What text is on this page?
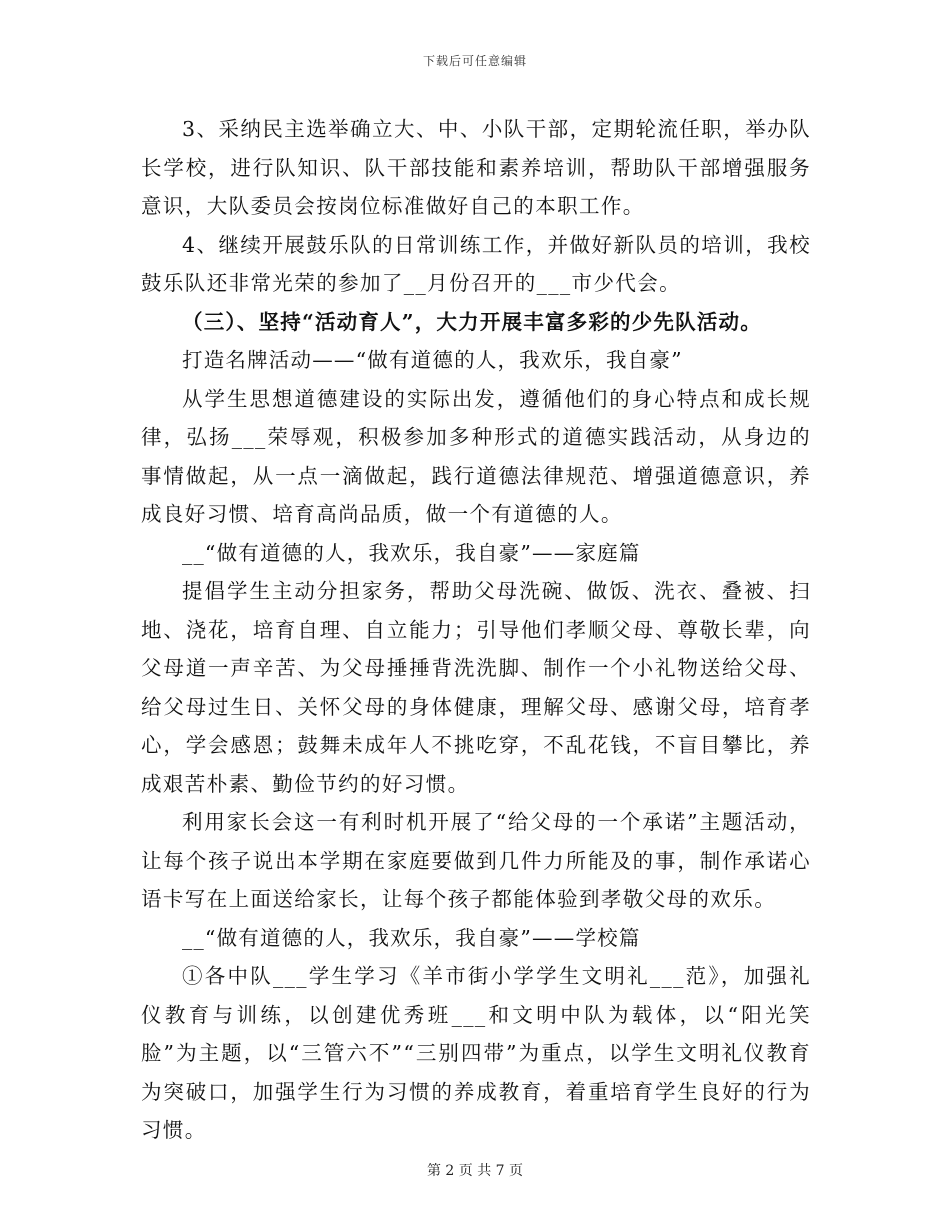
下载后可任意编辑

3、采纳民主选举确立大、中、小队干部，定期轮流任职，举办队长学校，进行队知识、队干部技能和素养培训，帮助队干部增强服务意识，大队委员会按岗位标准做好自己的本职工作。

4、继续开展鼓乐队的日常训练工作，并做好新队员的培训，我校鼓乐队还非常光荣的参加了__月份召开的___市少代会。

（三）、坚持“活动育人”，大力开展丰富多彩的少先队活动。

打造名牌活动——“做有道德的人，我欢乐，我自豪”

从学生思想道德建设的实际出发，遵循他们的身心特点和成长规律，弘扬___荣辱观，积极参加多种形式的道德实践活动，从身边的事情做起，从一点一滴做起，践行道德法律规范、增强道德意识，养成良好习惯、培育高尚品质，做一个有道德的人。

__“做有道德的人，我欢乐，我自豪”——家庭篇

提倡学生主动分担家务，帮助父母洗碗、做饭、洗衣、叠被、扫地、浇花，培育自理、自立能力；引导他们孝顺父母、尊敬长辈，向父母道一声辛苦、为父母捶捶背洗洗脚、制作一个小礼物送给父母、给父母过生日、关怀父母的身体健康，理解父母、感谢父母，培育孝心，学会感恩；鼓舞未成年人不挑吃穿，不乱花钱，不盲目攀比，养成艰苦朴素、勤俭节约的好习惯。

利用家长会这一有利时机开展了“给父母的一个承诺”主题活动，让每个孩子说出本学期在家庭要做到几件力所能及的事，制作承诺心语卡写在上面送给家长，让每个孩子都能体验到孝敬父母的欢乐。

__“做有道德的人，我欢乐，我自豪”——学校篇

①各中队___学生学习《羊市街小学学生文明礼___范》，加强礼仪教育与训练，以创建优秀班___和文明中队为载体，以“阳光笑脸”为主题，以“三管六不”“三别四带”为重点，以学生文明礼仪教育为突破口，加强学生行为习惯的养成教育，着重培育学生良好的行为习惯。

第 2 页 共 7 页
